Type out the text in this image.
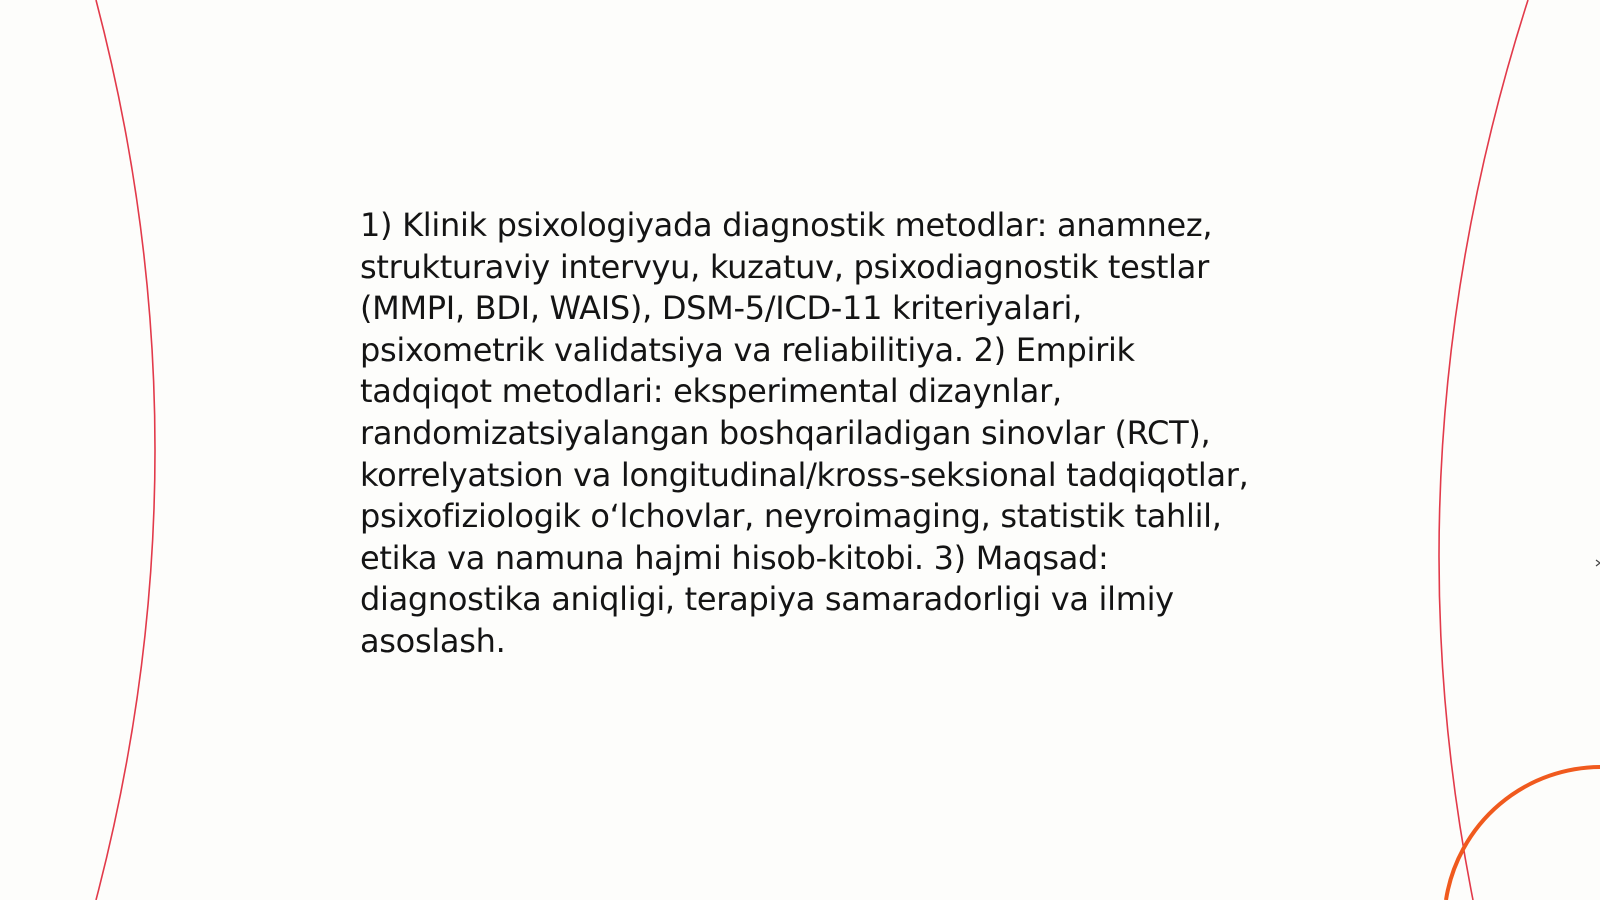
1) Klinik psixologiyada diagnostik metodlar: anamnez, strukturaviy intervyu, kuzatuv, psixodiagnostik testlar (MMPI, BDI, WAIS), DSM-5/ICD-11 kriteriyalari, psixometrik validatsiya va reliabilitiya. 2) Empirik tadqiqot metodlari: eksperimental dizaynlar, randomizatsiyalangan boshqariladigan sinovlar (RCT), korrelyatsion va longitudinal/kross-seksional tadqiqotlar, psixofiziologik o‘lchovlar, neyroimaging, statistik tahlil, etika va namuna hajmi hisob-kitobi. 3) Maqsad: diagnostika aniqligi, terapiya samaradorligi va ilmiy asoslash.
